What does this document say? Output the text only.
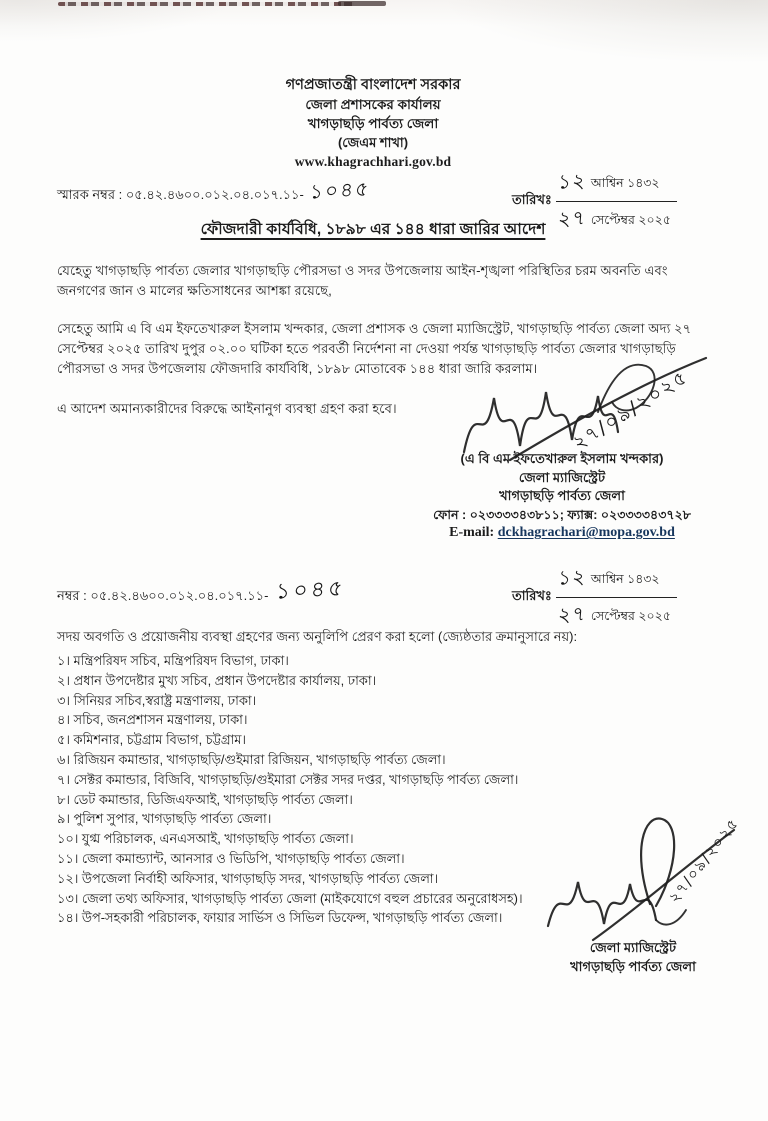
গণপ্রজাতন্ত্রী বাংলাদেশ সরকার
জেলা প্রশাসকের কার্যালয়
খাগড়াছড়ি পার্বত্য জেলা
(জেএম শাখা)
www.khagrachhari.gov.bd
স্মারক নম্বর : ০৫.৪২.৪৬০০.০১২.০৪.০১৭.১১- ১০৪৫	তারিখঃ $\frac{\text{১২ আশ্বিন ১৪৩২}}{\text{২৭ সেপ্টেম্বর ২০২৫}}$
ফৌজদারী কার্যবিধি, ১৮৯৮ এর ১৪৪ ধারা জারির আদেশ
যেহেতু খাগড়াছড়ি পার্বত্য জেলার খাগড়াছড়ি পৌরসভা ও সদর উপজেলায় আইন-শৃঙ্খলা পরিস্থিতির চরম অবনতি এবং জনগণের জান ও মালের ক্ষতিসাধনের আশঙ্কা রয়েছে,
সেহেতু আমি এ বি এম ইফতেখারুল ইসলাম খন্দকার, জেলা প্রশাসক ও জেলা ম্যাজিস্ট্রেট, খাগড়াছড়ি পার্বত্য জেলা অদ্য ২৭ সেপ্টেম্বর ২০২৫ তারিখ দুপুর ০২.০০ ঘটিকা হতে পরবর্তী নির্দেশনা না দেওয়া পর্যন্ত খাগড়াছড়ি পার্বত্য জেলার খাগড়াছড়ি পৌরসভা ও সদর উপজেলায় ফৌজদারি কার্যবিধি, ১৮৯৮ মোতাবেক ১৪৪ ধারা জারি করলাম।
এ আদেশ অমান্যকারীদের বিরুদ্ধে আইনানুগ ব্যবস্থা গ্রহণ করা হবে।	২৭/০৯/২০২৫
(এ বি এম ইফতেখারুল ইসলাম খন্দকার)
জেলা ম্যাজিস্ট্রেট
খাগড়াছড়ি পার্বত্য জেলা
ফোন : ০২৩৩৩৩৪৩৮১১; ফ্যাক্স: ০২৩৩৩৩৪৩৭২৮
E-mail: dckhagrachari@mopa.gov.bd
নম্বর : ০৫.৪২.৪৬০০.০১২.০৪.০১৭.১১- ১০৪৫	তারিখঃ $\frac{\text{১২ আশ্বিন ১৪৩২}}{\text{২৭ সেপ্টেম্বর ২০২৫}}$
সদয় অবগতি ও প্রয়োজনীয় ব্যবস্থা গ্রহণের জন্য অনুলিপি প্রেরণ করা হলো (জ্যেষ্ঠতার ক্রমানুসারে নয়):
১। মন্ত্রিপরিষদ সচিব, মন্ত্রিপরিষদ বিভাগ, ঢাকা।
২। প্রধান উপদেষ্টার মুখ্য সচিব, প্রধান উপদেষ্টার কার্যালয়, ঢাকা।
৩। সিনিয়র সচিব,স্বরাষ্ট্র মন্ত্রণালয়, ঢাকা।
৪। সচিব, জনপ্রশাসন মন্ত্রণালয়, ঢাকা।
৫। কমিশনার, চট্টগ্রাম বিভাগ, চট্টগ্রাম।
৬। রিজিয়ন কমান্ডার, খাগড়াছড়ি/গুইমারা রিজিয়ন, খাগড়াছড়ি পার্বত্য জেলা।
৭। সেক্টর কমান্ডার, বিজিবি, খাগড়াছড়ি/গুইমারা সেক্টর সদর দপ্তর, খাগড়াছড়ি পার্বত্য জেলা।
৮। ডেট কমান্ডার, ডিজিএফআই, খাগড়াছড়ি পার্বত্য জেলা।
৯। পুলিশ সুপার, খাগড়াছড়ি পার্বত্য জেলা।
১০। যুগ্ম পরিচালক, এনএসআই, খাগড়াছড়ি পার্বত্য জেলা।
১১। জেলা কমান্ড্যান্ট, আনসার ও ভিডিপি, খাগড়াছড়ি পার্বত্য জেলা।
১২। উপজেলা নির্বাহী অফিসার, খাগড়াছড়ি সদর, খাগড়াছড়ি পার্বত্য জেলা।
১৩। জেলা তথ্য অফিসার, খাগড়াছড়ি পার্বত্য জেলা (মাইকযোগে বহুল প্রচারের অনুরোধসহ)।
১৪। উপ-সহকারী পরিচালক, ফায়ার সার্ভিস ও সিভিল ডিফেন্স, খাগড়াছড়ি পার্বত্য জেলা।
২৭/০৯/২০২৫
জেলা ম্যাজিস্ট্রেট
খাগড়াছড়ি পার্বত্য জেলা
